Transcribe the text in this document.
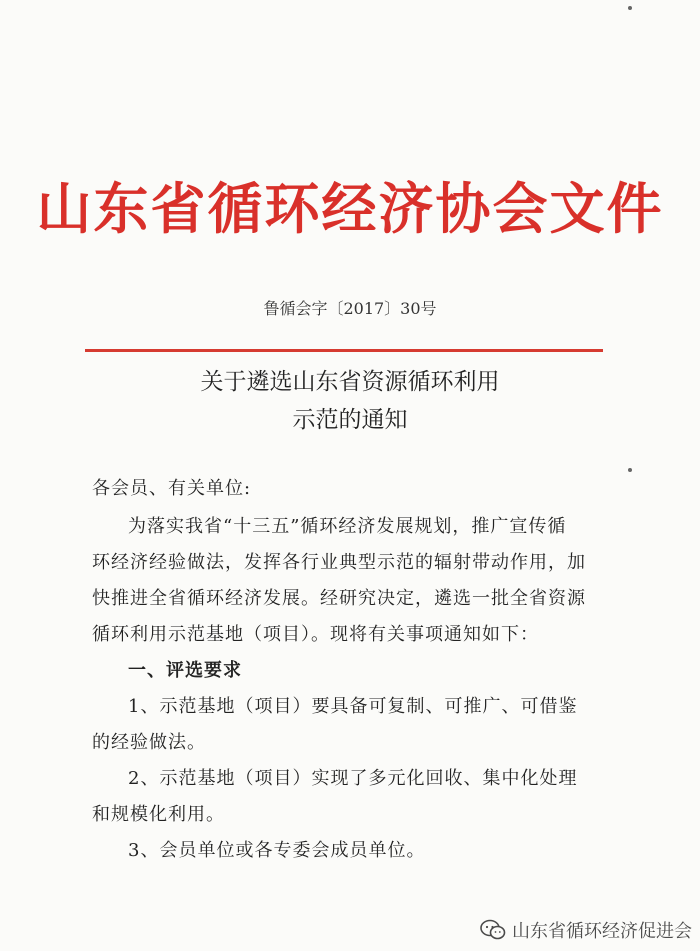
山东省循环经济协会文件
鲁循会字〔2017〕30号
关于遴选山东省资源循环利用
示范的通知
各会员、有关单位:
为落实我省“十三五”循环经济发展规划，推广宣传循
环经济经验做法，发挥各行业典型示范的辐射带动作用，加
快推进全省循环经济发展。经研究决定，遴选一批全省资源
循环利用示范基地（项目）。现将有关事项通知如下：
一、评选要求
1、示范基地（项目）要具备可复制、可推广、可借鉴
的经验做法。
2、示范基地（项目）实现了多元化回收、集中化处理
和规模化利用。
3、会员单位或各专委会成员单位。
山东省循环经济促进会
